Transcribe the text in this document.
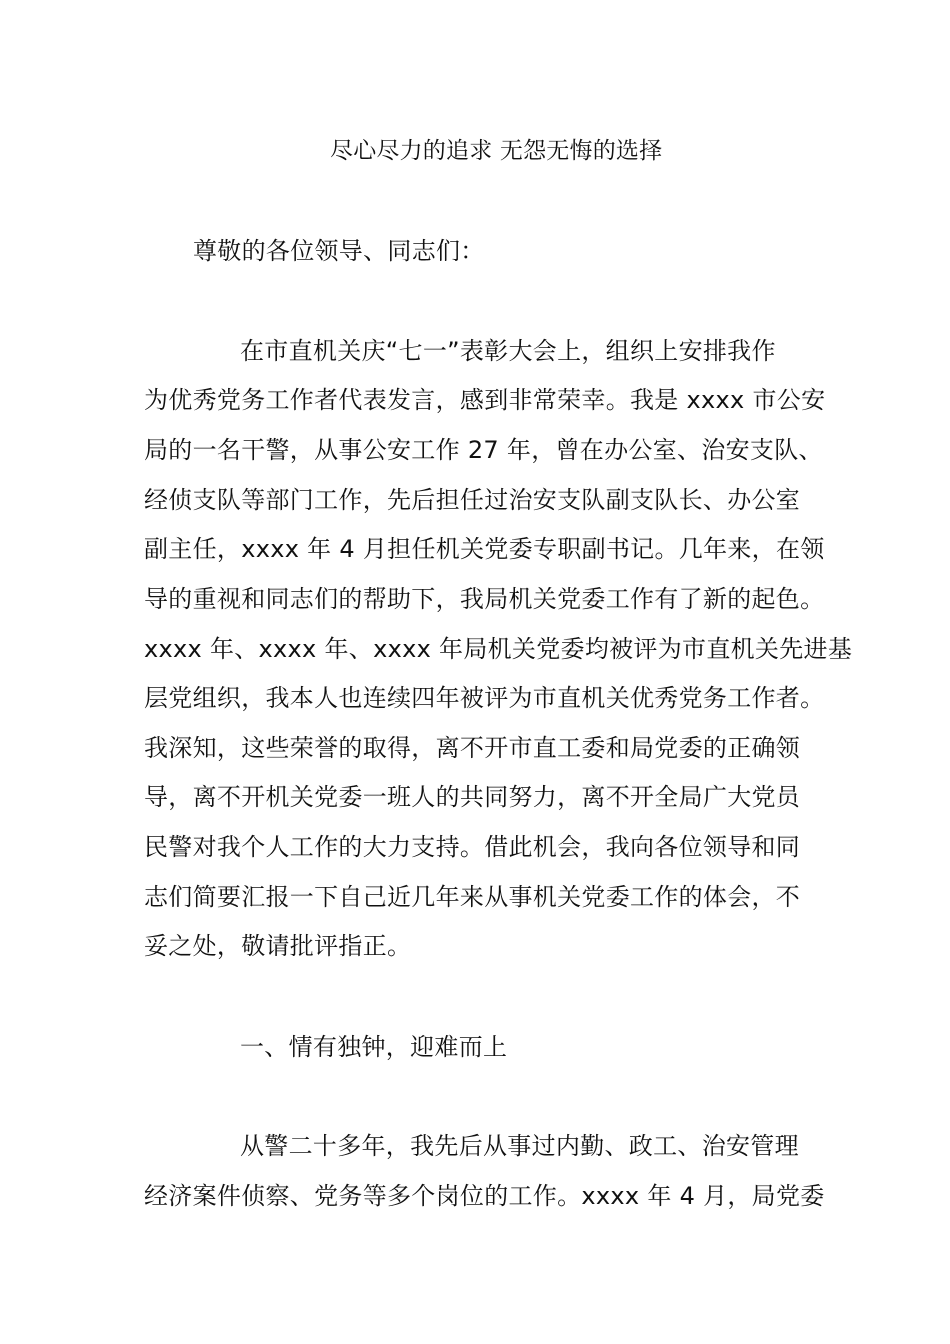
尽心尽力的追求 无怨无悔的选择
尊敬的各位领导、同志们：
在市直机关庆“七一”表彰大会上，组织上安排我作
为优秀党务工作者代表发言，感到非常荣幸。我是 xxxx 市公安
局的一名干警，从事公安工作 27 年，曾在办公室、治安支队、
经侦支队等部门工作，先后担任过治安支队副支队长、办公室
副主任，xxxx 年 4 月担任机关党委专职副书记。几年来，在领
导的重视和同志们的帮助下，我局机关党委工作有了新的起色。
xxxx 年、xxxx 年、xxxx 年局机关党委均被评为市直机关先进基
层党组织，我本人也连续四年被评为市直机关优秀党务工作者。
我深知，这些荣誉的取得，离不开市直工委和局党委的正确领
导，离不开机关党委一班人的共同努力，离不开全局广大党员
民警对我个人工作的大力支持。借此机会，我向各位领导和同
志们简要汇报一下自己近几年来从事机关党委工作的体会，不
妥之处，敬请批评指正。
一、情有独钟，迎难而上
从警二十多年，我先后从事过内勤、政工、治安管理
经济案件侦察、党务等多个岗位的工作。xxxx 年 4 月，局党委
